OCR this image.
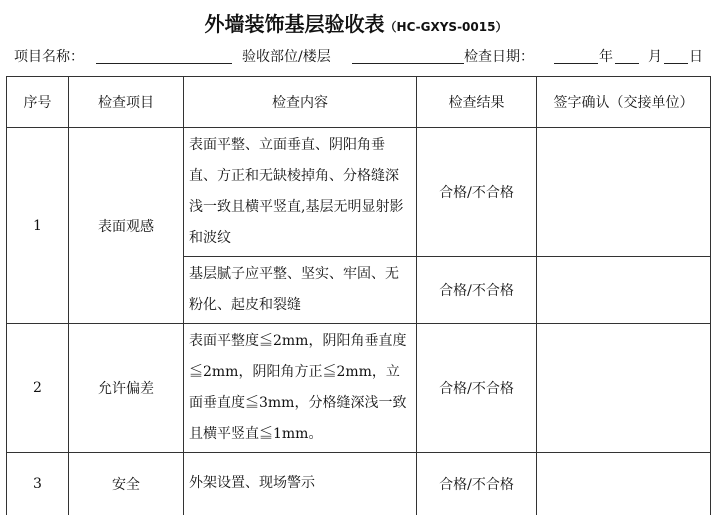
外墙装饰基层验收表（HC-GXYS-0015）
项目名称：	验收部位/楼层	检查日期：	年	月 日
序号	检查项目	检查内容	检查结果	签字确认（交接单位）
1	表面观感	表面平整、立面垂直、阴阳角垂直、方正和无缺棱掉角、分格缝深浅一致且横平竖直,基层无明显射影和波纹	合格/不合格	
		基层腻子应平整、坚实、牢固、无粉化、起皮和裂缝	合格/不合格	
2	允许偏差	表面平整度≦2mm，阴阳角垂直度≦2mm，阴阳角方正≦2mm，立面垂直度≦3mm，分格缝深浅一致且横平竖直≦1mm。	合格/不合格	
3	安全	外架设置、现场警示	合格/不合格	
